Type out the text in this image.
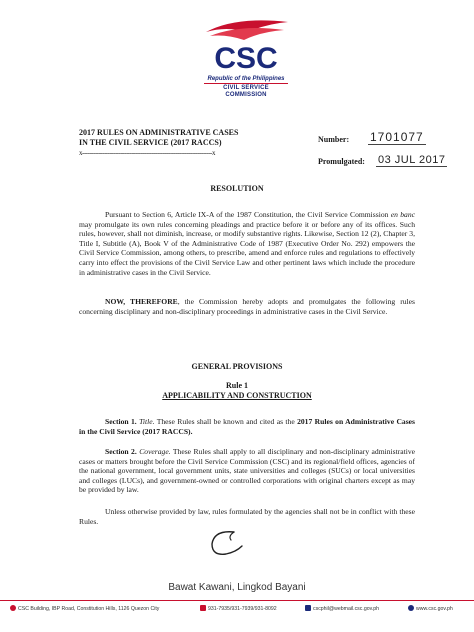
CSC
Republic of the Philippines
CIVIL SERVICE COMMISSION
2017 RULES ON ADMINISTRATIVE CASES
IN THE CIVIL SERVICE (2017 RACCS)
x-----------------------------------------------------------------------x
Number: 1701077
Promulgated: 03 JUL 2017
RESOLUTION

Pursuant to Section 6, Article IX-A of the 1987 Constitution, the Civil Service Commission en banc may promulgate its own rules concerning pleadings and practice before it or before any of its offices. Such rules, however, shall not diminish, increase, or modify substantive rights. Likewise, Section 12 (2), Chapter 3, Title I, Subtitle (A), Book V of the Administrative Code of 1987 (Executive Order No. 292) empowers the Civil Service Commission, among others, to prescribe, amend and enforce rules and regulations to effectively carry into effect the provisions of the Civil Service Law and other pertinent laws which include the procedure in administrative cases in the Civil Service.

NOW, THEREFORE, the Commission hereby adopts and promulgates the following rules concerning disciplinary and non-disciplinary proceedings in administrative cases in the Civil Service.

GENERAL PROVISIONS
Rule 1
APPLICABILITY AND CONSTRUCTION

Section 1. Title. These Rules shall be known and cited as the 2017 Rules on Administrative Cases in the Civil Service (2017 RACCS).

Section 2. Coverage. These Rules shall apply to all disciplinary and non-disciplinary administrative cases or matters brought before the Civil Service Commission (CSC) and its regional/field offices, agencies of the national government, local government units, state universities and colleges (SUCs) or local universities and colleges (LUCs), and government-owned or controlled corporations with original charters except as may be provided by law.

Unless otherwise provided by law, rules formulated by the agencies shall not be in conflict with these Rules.

Bawat Kawani, Lingkod Bayani
CSC Building, IBP Road, Constitution Hills, 1126 Quezon City	931-7935/931-7939/931-8092	cscphil@webmail.csc.gov.ph	www.csc.gov.ph
